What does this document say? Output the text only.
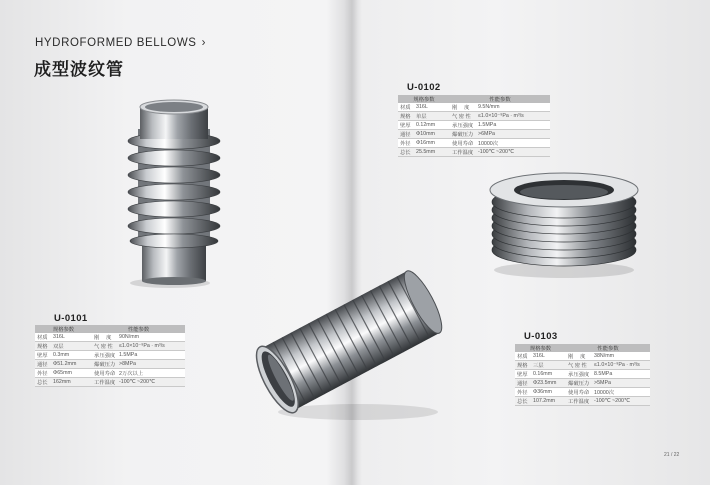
HYDROFORMED BELLOWS ›
成型波纹管
U-0101
规格参数		性能参数	
材质	316L	刚　 度	90N/mm
规格	双层	气 密 性	≤1.0×10⁻⁹Pa · m³/s
壁厚	0.3mm	承压强度	1.5MPa
通径	Φ51.2mm	爆破压力	>8MPa
外径	Φ65mm	使用寿命	2万次以上
总长	162mm	工作温度	-100℃ ~200℃
U-0102
规格参数		性能参数	
材质	316L	刚　 度	9.5N/mm
规格	单层	气 密 性	≤1.0×10⁻⁹Pa · m³/s
壁厚	0.12mm	承压强度	1.5MPa
通径	Φ10mm	爆破压力	>6MPa
外径	Φ16mm	使用寿命	10000次
总长	25.5mm	工作温度	-100℃ ~200℃
U-0103
规格参数		性能参数	
材质	316L	刚　 度	38N/mm
规格	三层	气 密 性	≤1.0×10⁻⁹Pa · m³/s
壁厚	0.16mm	承压强度	8.5MPa
通径	Φ23.5mm	爆破压力	>5MPa
外径	Φ36mm	使用寿命	10000次
总长	107.2mm	工作温度	-100℃ ~200℃
21 / 22
